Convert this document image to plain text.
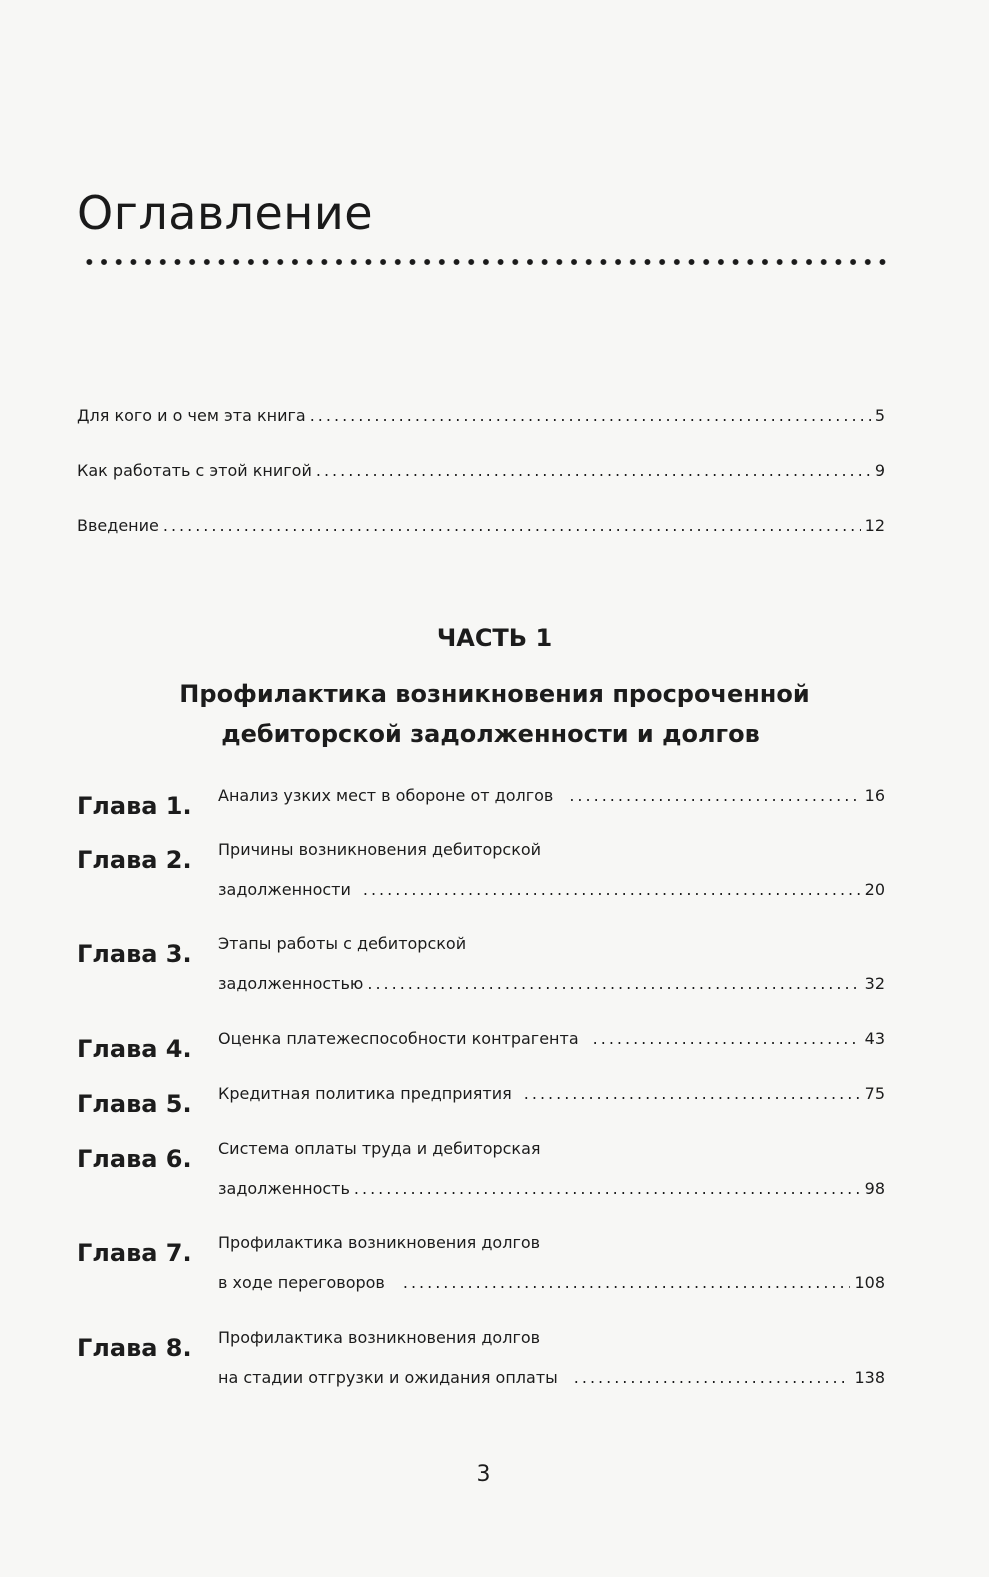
Оглавление
Для кого и о чем эта книга .....	5
Как работать с этой книгой .....	9
Введение .....	12
ЧАСТЬ 1
Профилактика возникновения просроченной
дебиторской задолженности и долгов
Глава 1. Анализ узких мест в обороне от долгов .....	16
Глава 2. Причины возникновения дебиторской
задолженности .....	20
Глава 3. Этапы работы с дебиторской
задолженностью .....	32
Глава 4. Оценка платежеспособности контрагента .....	43
Глава 5. Кредитная политика предприятия .....	75
Глава 6. Система оплаты труда и дебиторская
задолженность .....	98
Глава 7. Профилактика возникновения долгов
в ходе переговоров .....	108
Глава 8. Профилактика возникновения долгов
на стадии отгрузки и ожидания оплаты .....	138
3
